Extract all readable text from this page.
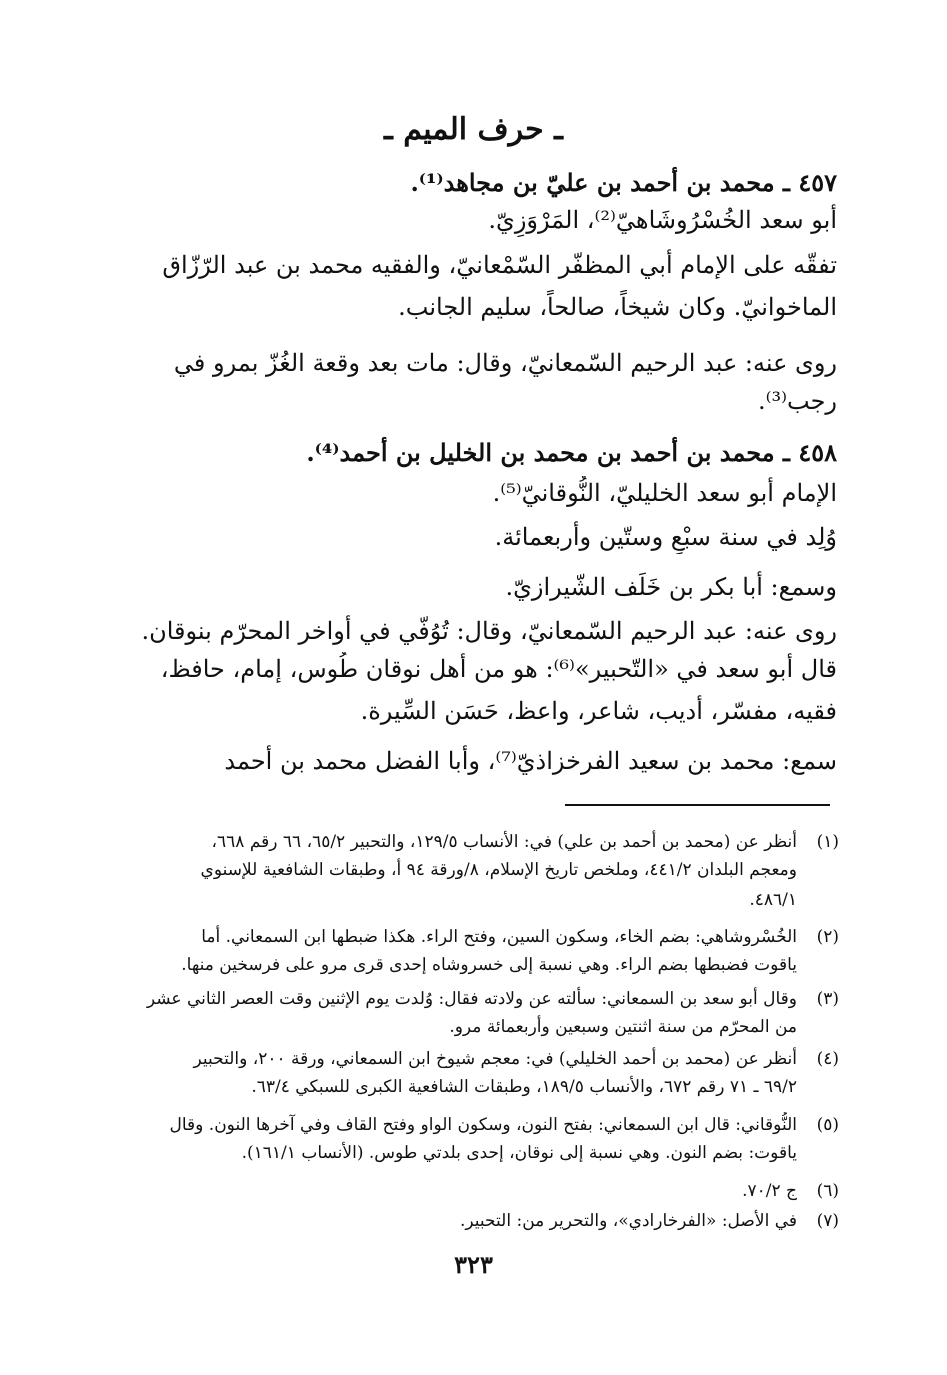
ـ حرف الميم ـ
٤٥٧ ـ محمد بن أحمد بن عليّ بن مجاهد⁽¹⁾.
أبو سعد الخُسْرُوشَاهيّ⁽²⁾، المَرْوَزِيّ.
تفقّه على الإمام أبي المظفّر السّمْعانيّ، والفقيه محمد بن عبد الرّزّاق
الماخوانيّ. وكان شيخاً، صالحاً، سليم الجانب.
روى عنه: عبد الرحيم السّمعانيّ، وقال: مات بعد وقعة الغُزّ بمرو في
رجب⁽³⁾.
٤٥٨ ـ محمد بن أحمد بن محمد بن الخليل بن أحمد⁽⁴⁾.
الإمام أبو سعد الخليليّ، النُّوقانيّ⁽⁵⁾.
وُلِد في سنة سبْعٍ وستّين وأربعمائة.
وسمع: أبا بكر بن خَلَف الشّيرازيّ.
روى عنه: عبد الرحيم السّمعانيّ، وقال: تُوُفّي في أواخر المحرّم بنوقان.
قال أبو سعد في «التّحبير»⁽⁶⁾: هو من أهل نوقان طُوس، إمام، حافظ،
فقيه، مفسّر، أديب، شاعر، واعظ، حَسَن السِّيرة.
سمع: محمد بن سعيد الفرخزاذيّ⁽⁷⁾، وأبا الفضل محمد بن أحمد
(١)
أنظر عن (محمد بن أحمد بن علي) في: الأنساب ١٢٩/٥، والتحبير ٦٥/٢، ٦٦ رقم ٦٦٨،
ومعجم البلدان ٤٤١/٢، وملخص تاريخ الإسلام، ٨/ورقة ٩٤ أ، وطبقات الشافعية للإسنوي
٤٨٦/١.
(٢)
الخُسْروشاهي: بضم الخاء، وسكون السين، وفتح الراء. هكذا ضبطها ابن السمعاني. أما
ياقوت فضبطها بضم الراء. وهي نسبة إلى خسروشاه إحدى قرى مرو على فرسخين منها.
(٣)
وقال أبو سعد بن السمعاني: سألته عن ولادته فقال: وُلدت يوم الإثنين وقت العصر الثاني عشر
من المحرّم من سنة اثنتين وسبعين وأربعمائة مرو.
(٤)
أنظر عن (محمد بن أحمد الخليلي) في: معجم شيوخ ابن السمعاني، ورقة ٢٠٠، والتحبير
٦٩/٢ ـ ٧١ رقم ٦٧٢، والأنساب ١٨٩/٥، وطبقات الشافعية الكبرى للسبكي ٦٣/٤.
(٥)
النُّوقاني: قال ابن السمعاني: بفتح النون، وسكون الواو وفتح القاف وفي آخرها النون. وقال
ياقوت: بضم النون. وهي نسبة إلى نوقان، إحدى بلدتي طوس. (الأنساب ١٦١/١).
(٦)
ج ٧٠/٢.
(٧)
في الأصل: «الفرخارادي»، والتحرير من: التحبير.
٣٢٣
